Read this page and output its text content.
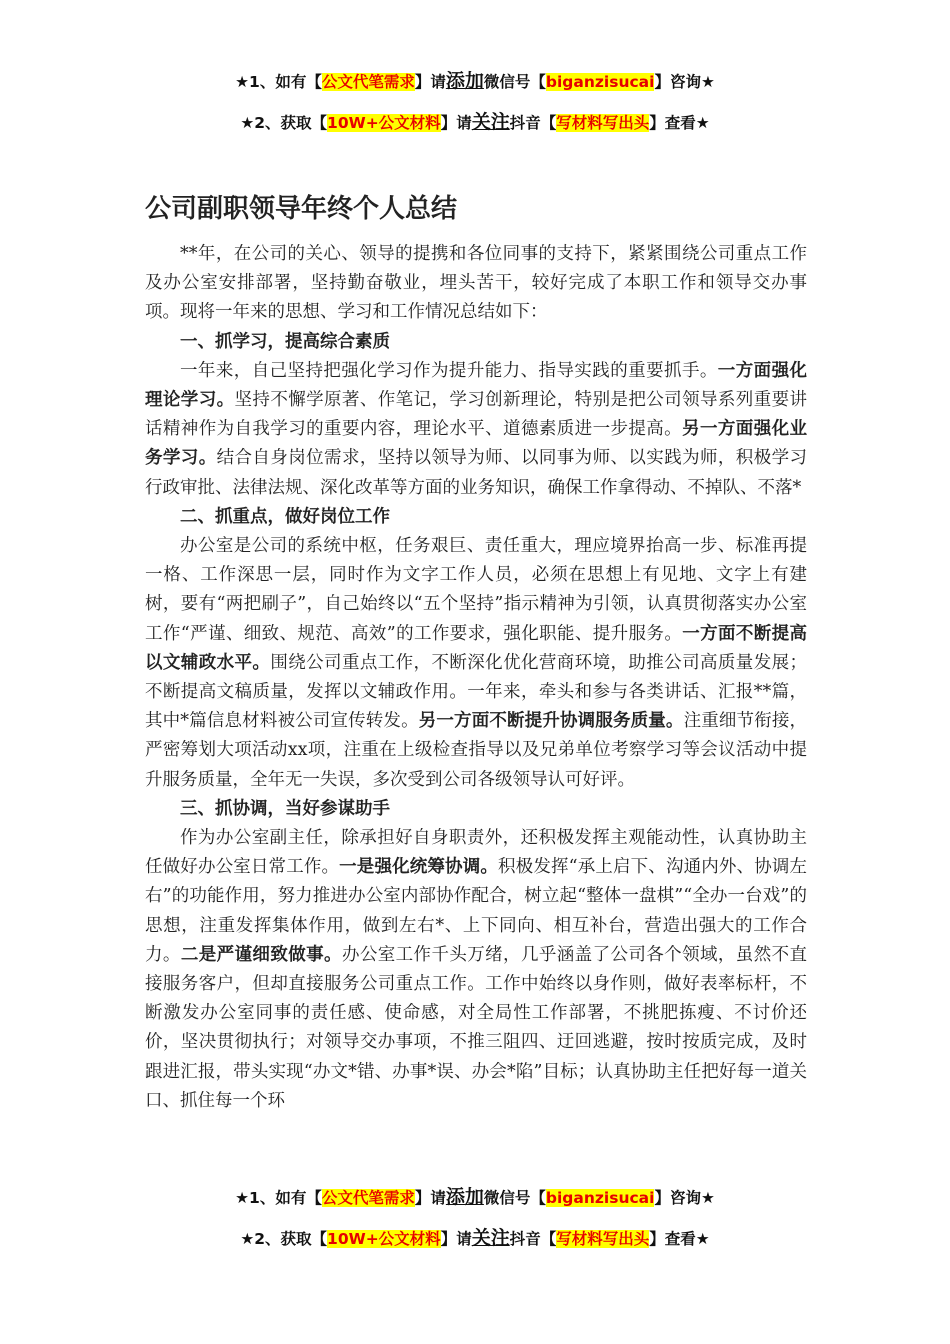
★1、如有【公文代笔需求】请添加微信号【biganzisucai】咨询★
★2、获取【10W+公文材料】请关注抖音【写材料写出头】查看★
公司副职领导年终个人总结

**年，在公司的关心、领导的提携和各位同事的支持下，紧紧围绕公司重点工作及办公室安排部署，坚持勤奋敬业，埋头苦干，较好完成了本职工作和领导交办事项。现将一年来的思想、学习和工作情况总结如下：

一、抓学习，提高综合素质

一年来，自己坚持把强化学习作为提升能力、指导实践的重要抓手。一方面强化理论学习。坚持不懈学原著、作笔记，学习创新理论，特别是把公司领导系列重要讲话精神作为自我学习的重要内容，理论水平、道德素质进一步提高。另一方面强化业务学习。结合自身岗位需求，坚持以领导为师、以同事为师、以实践为师，积极学习行政审批、法律法规、深化改革等方面的业务知识，确保工作拿得动、不掉队、不落*

二、抓重点，做好岗位工作

办公室是公司的系统中枢，任务艰巨、责任重大，理应境界抬高一步、标准再提一格、工作深思一层，同时作为文字工作人员，必须在思想上有见地、文字上有建树，要有“两把刷子”，自己始终以“五个坚持”指示精神为引领，认真贯彻落实办公室工作“严谨、细致、规范、高效”的工作要求，强化职能、提升服务。一方面不断提高以文辅政水平。围绕公司重点工作，不断深化优化营商环境，助推公司高质量发展；不断提高文稿质量，发挥以文辅政作用。一年来，牵头和参与各类讲话、汇报**篇，其中*篇信息材料被公司宣传转发。另一方面不断提升协调服务质量。注重细节衔接，严密筹划大项活动xx项，注重在上级检查指导以及兄弟单位考察学习等会议活动中提升服务质量，全年无一失误，多次受到公司各级领导认可好评。

三、抓协调，当好参谋助手

作为办公室副主任，除承担好自身职责外，还积极发挥主观能动性，认真协助主任做好办公室日常工作。一是强化统筹协调。积极发挥“承上启下、沟通内外、协调左右”的功能作用，努力推进办公室内部协作配合，树立起“整体一盘棋”“全办一台戏”的思想，注重发挥集体作用，做到左右*、上下同向、相互补台，营造出强大的工作合力。二是严谨细致做事。办公室工作千头万绪，几乎涵盖了公司各个领域，虽然不直接服务客户，但却直接服务公司重点工作。工作中始终以身作则，做好表率标杆，不断激发办公室同事的责任感、使命感，对全局性工作部署，不挑肥拣瘦、不讨价还价，坚决贯彻执行；对领导交办事项，不推三阻四、迂回逃避，按时按质完成，及时跟进汇报，带头实现“办文*错、办事*误、办会*陷”目标；认真协助主任把好每一道关口、抓住每一个环

★1、如有【公文代笔需求】请添加微信号【biganzisucai】咨询★
★2、获取【10W+公文材料】请关注抖音【写材料写出头】查看★
